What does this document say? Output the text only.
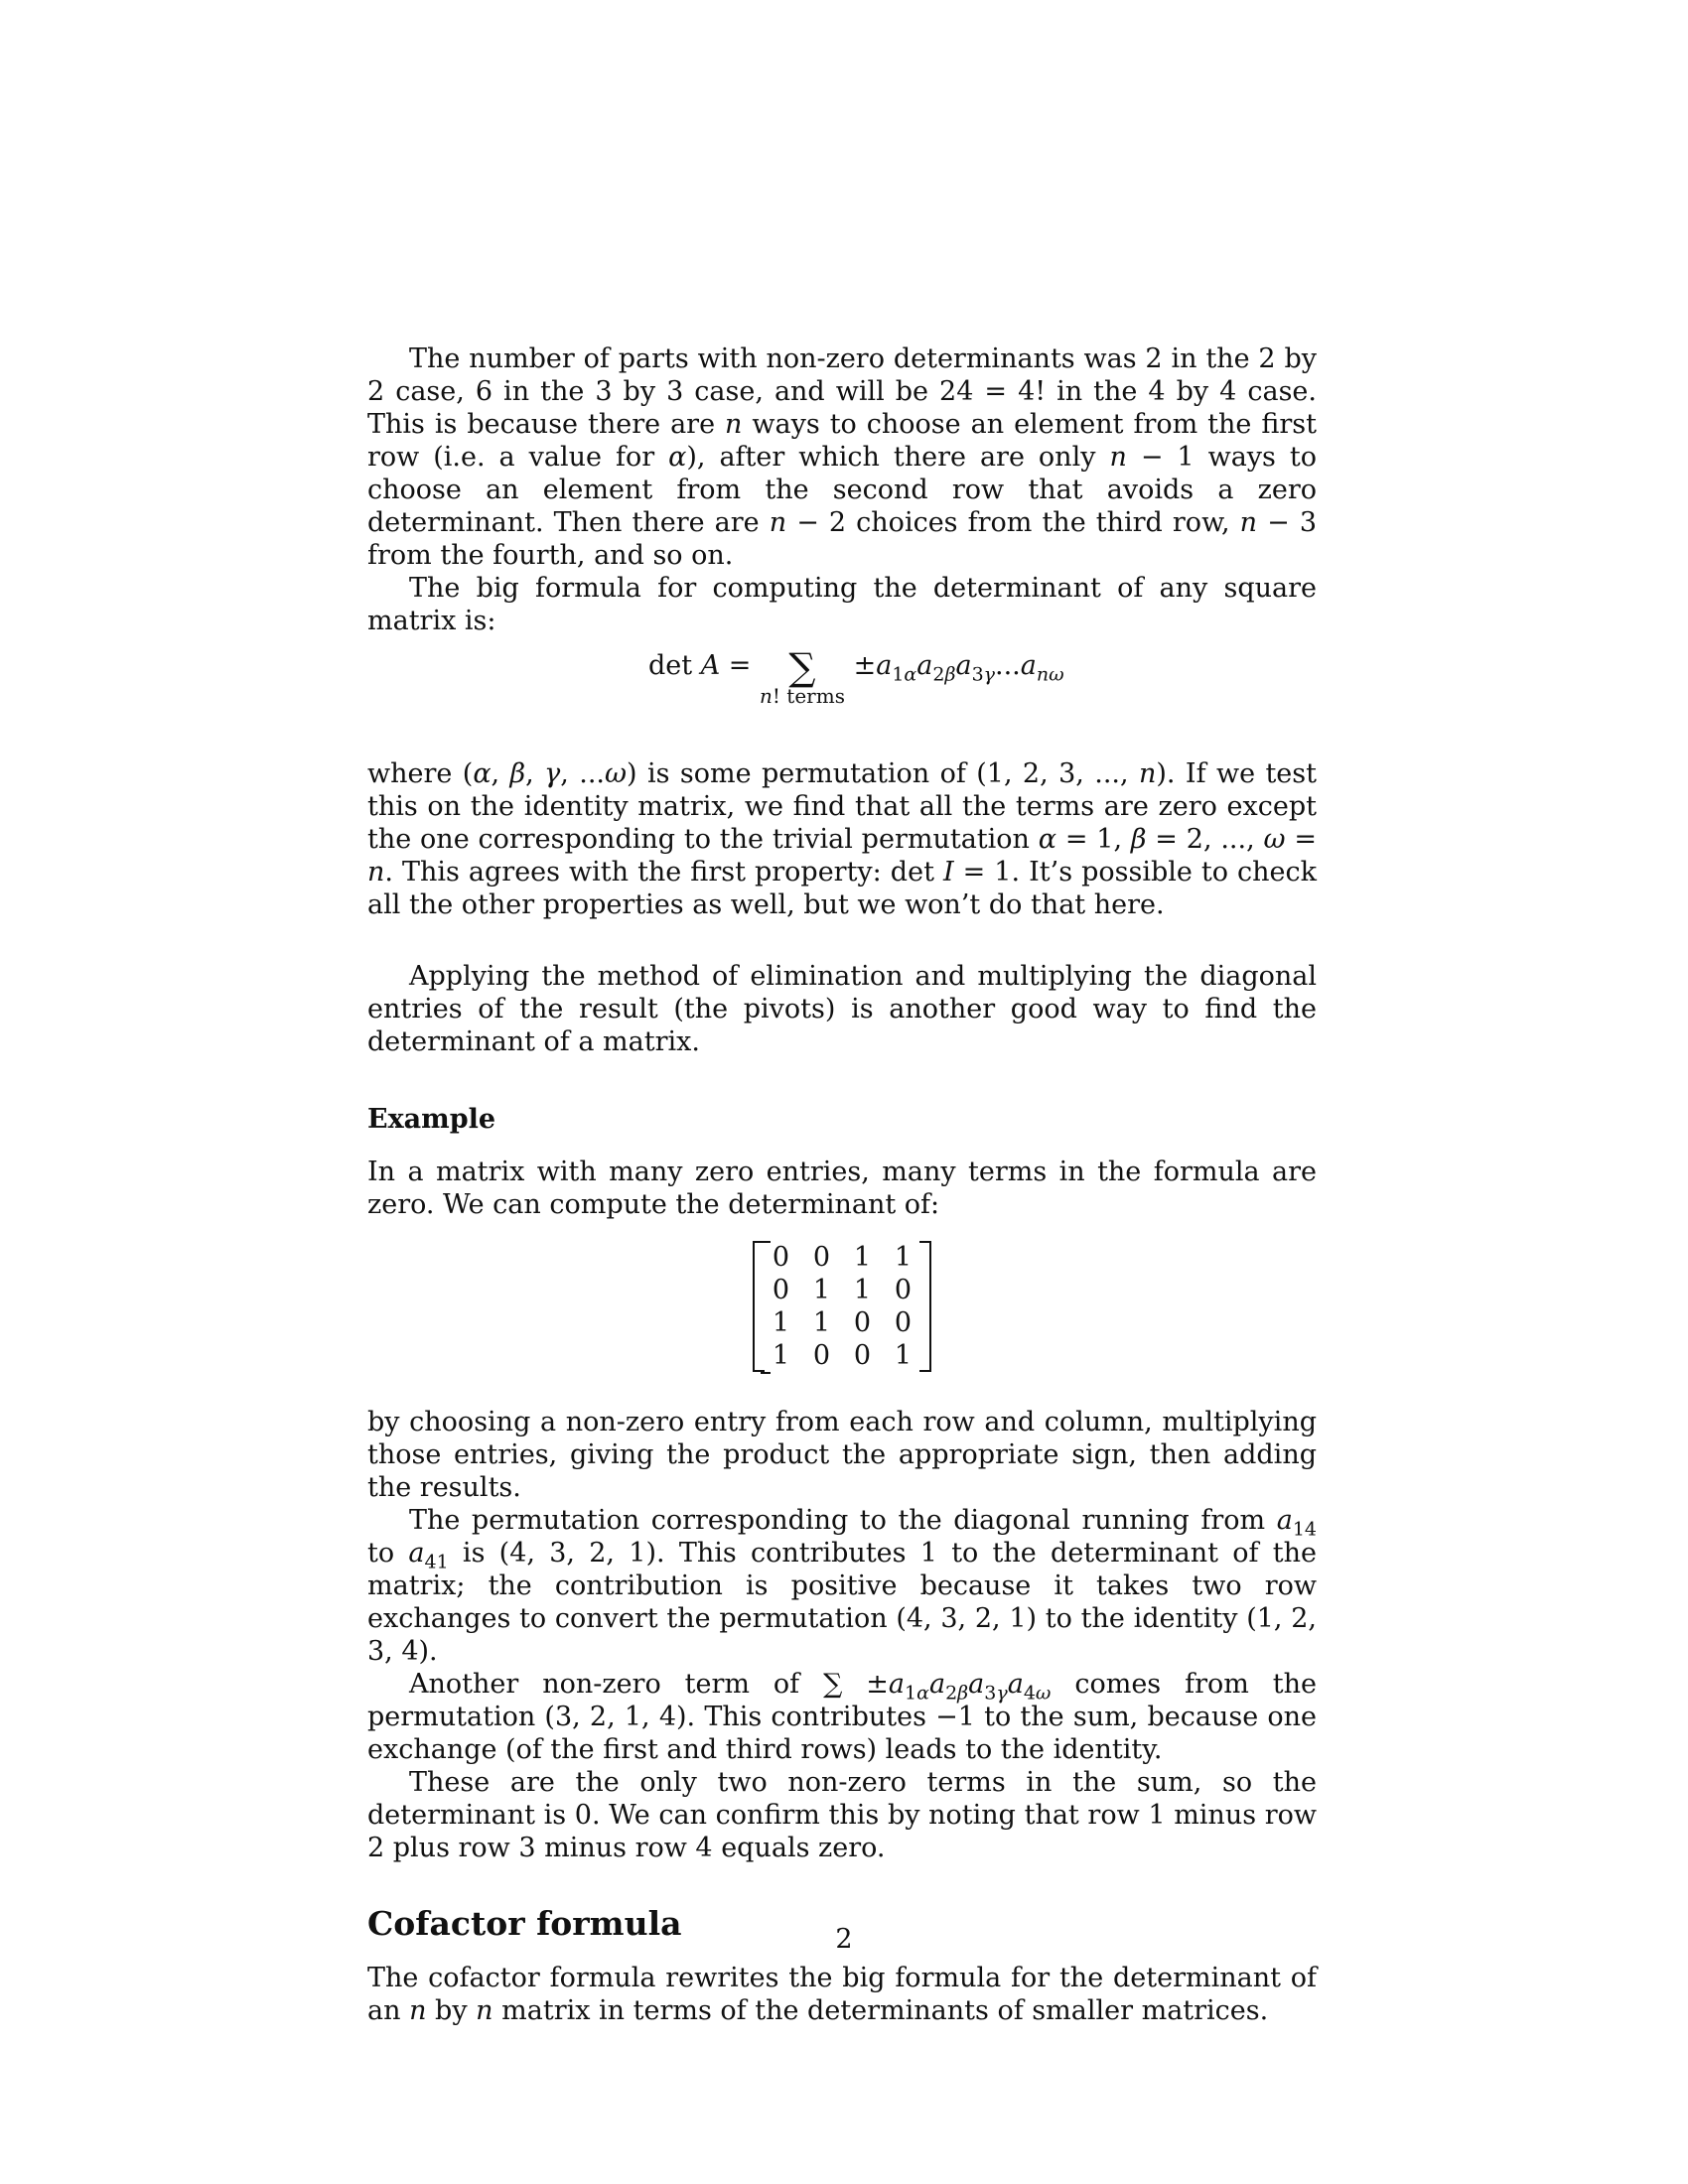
The number of parts with non-zero determinants was 2 in the 2 by 2 case, 6 in the 3 by 3 case, and will be 24 = 4! in the 4 by 4 case. This is because there are n ways to choose an element from the first row (i.e. a value for α), after which there are only n − 1 ways to choose an element from the second row that avoids a zero determinant. Then there are n − 2 choices from the third row, n − 3 from the fourth, and so on.

The big formula for computing the determinant of any square matrix is:

det A = ∑
n! terms
$\pm a_{1\alpha}a_{2\beta}a_{3\gamma}...a_{n\omega}$

where (α, β, γ, ...ω) is some permutation of (1, 2, 3, ..., n). If we test this on the identity matrix, we find that all the terms are zero except the one corresponding to the trivial permutation α = 1, β = 2, ..., ω = n. This agrees with the first property: det I = 1. It’s possible to check all the other properties as well, but we won’t do that here.

Applying the method of elimination and multiplying the diagonal entries of the result (the pivots) is another good way to find the determinant of a matrix.

Example

In a matrix with many zero entries, many terms in the formula are zero. We can compute the determinant of:

0	0	1	1
0	1	1	0
1	1	0	0
1	0	0	1

by choosing a non-zero entry from each row and column, multiplying those entries, giving the product the appropriate sign, then adding the results.

The permutation corresponding to the diagonal running from $a_{14}$ to $a_{41}$ is (4, 3, 2, 1). This contributes 1 to the determinant of the matrix; the contribution is positive because it takes two row exchanges to convert the permutation (4, 3, 2, 1) to the identity (1, 2, 3, 4).

Another non-zero term of ∑ $\pm a_{1\alpha}a_{2\beta}a_{3\gamma}a_{4\omega}$ comes from the permutation (3, 2, 1, 4). This contributes −1 to the sum, because one exchange (of the first and third rows) leads to the identity.

These are the only two non-zero terms in the sum, so the determinant is 0. We can confirm this by noting that row 1 minus row 2 plus row 3 minus row 4 equals zero.

Cofactor formula

The cofactor formula rewrites the big formula for the determinant of an n by n matrix in terms of the determinants of smaller matrices.

2
